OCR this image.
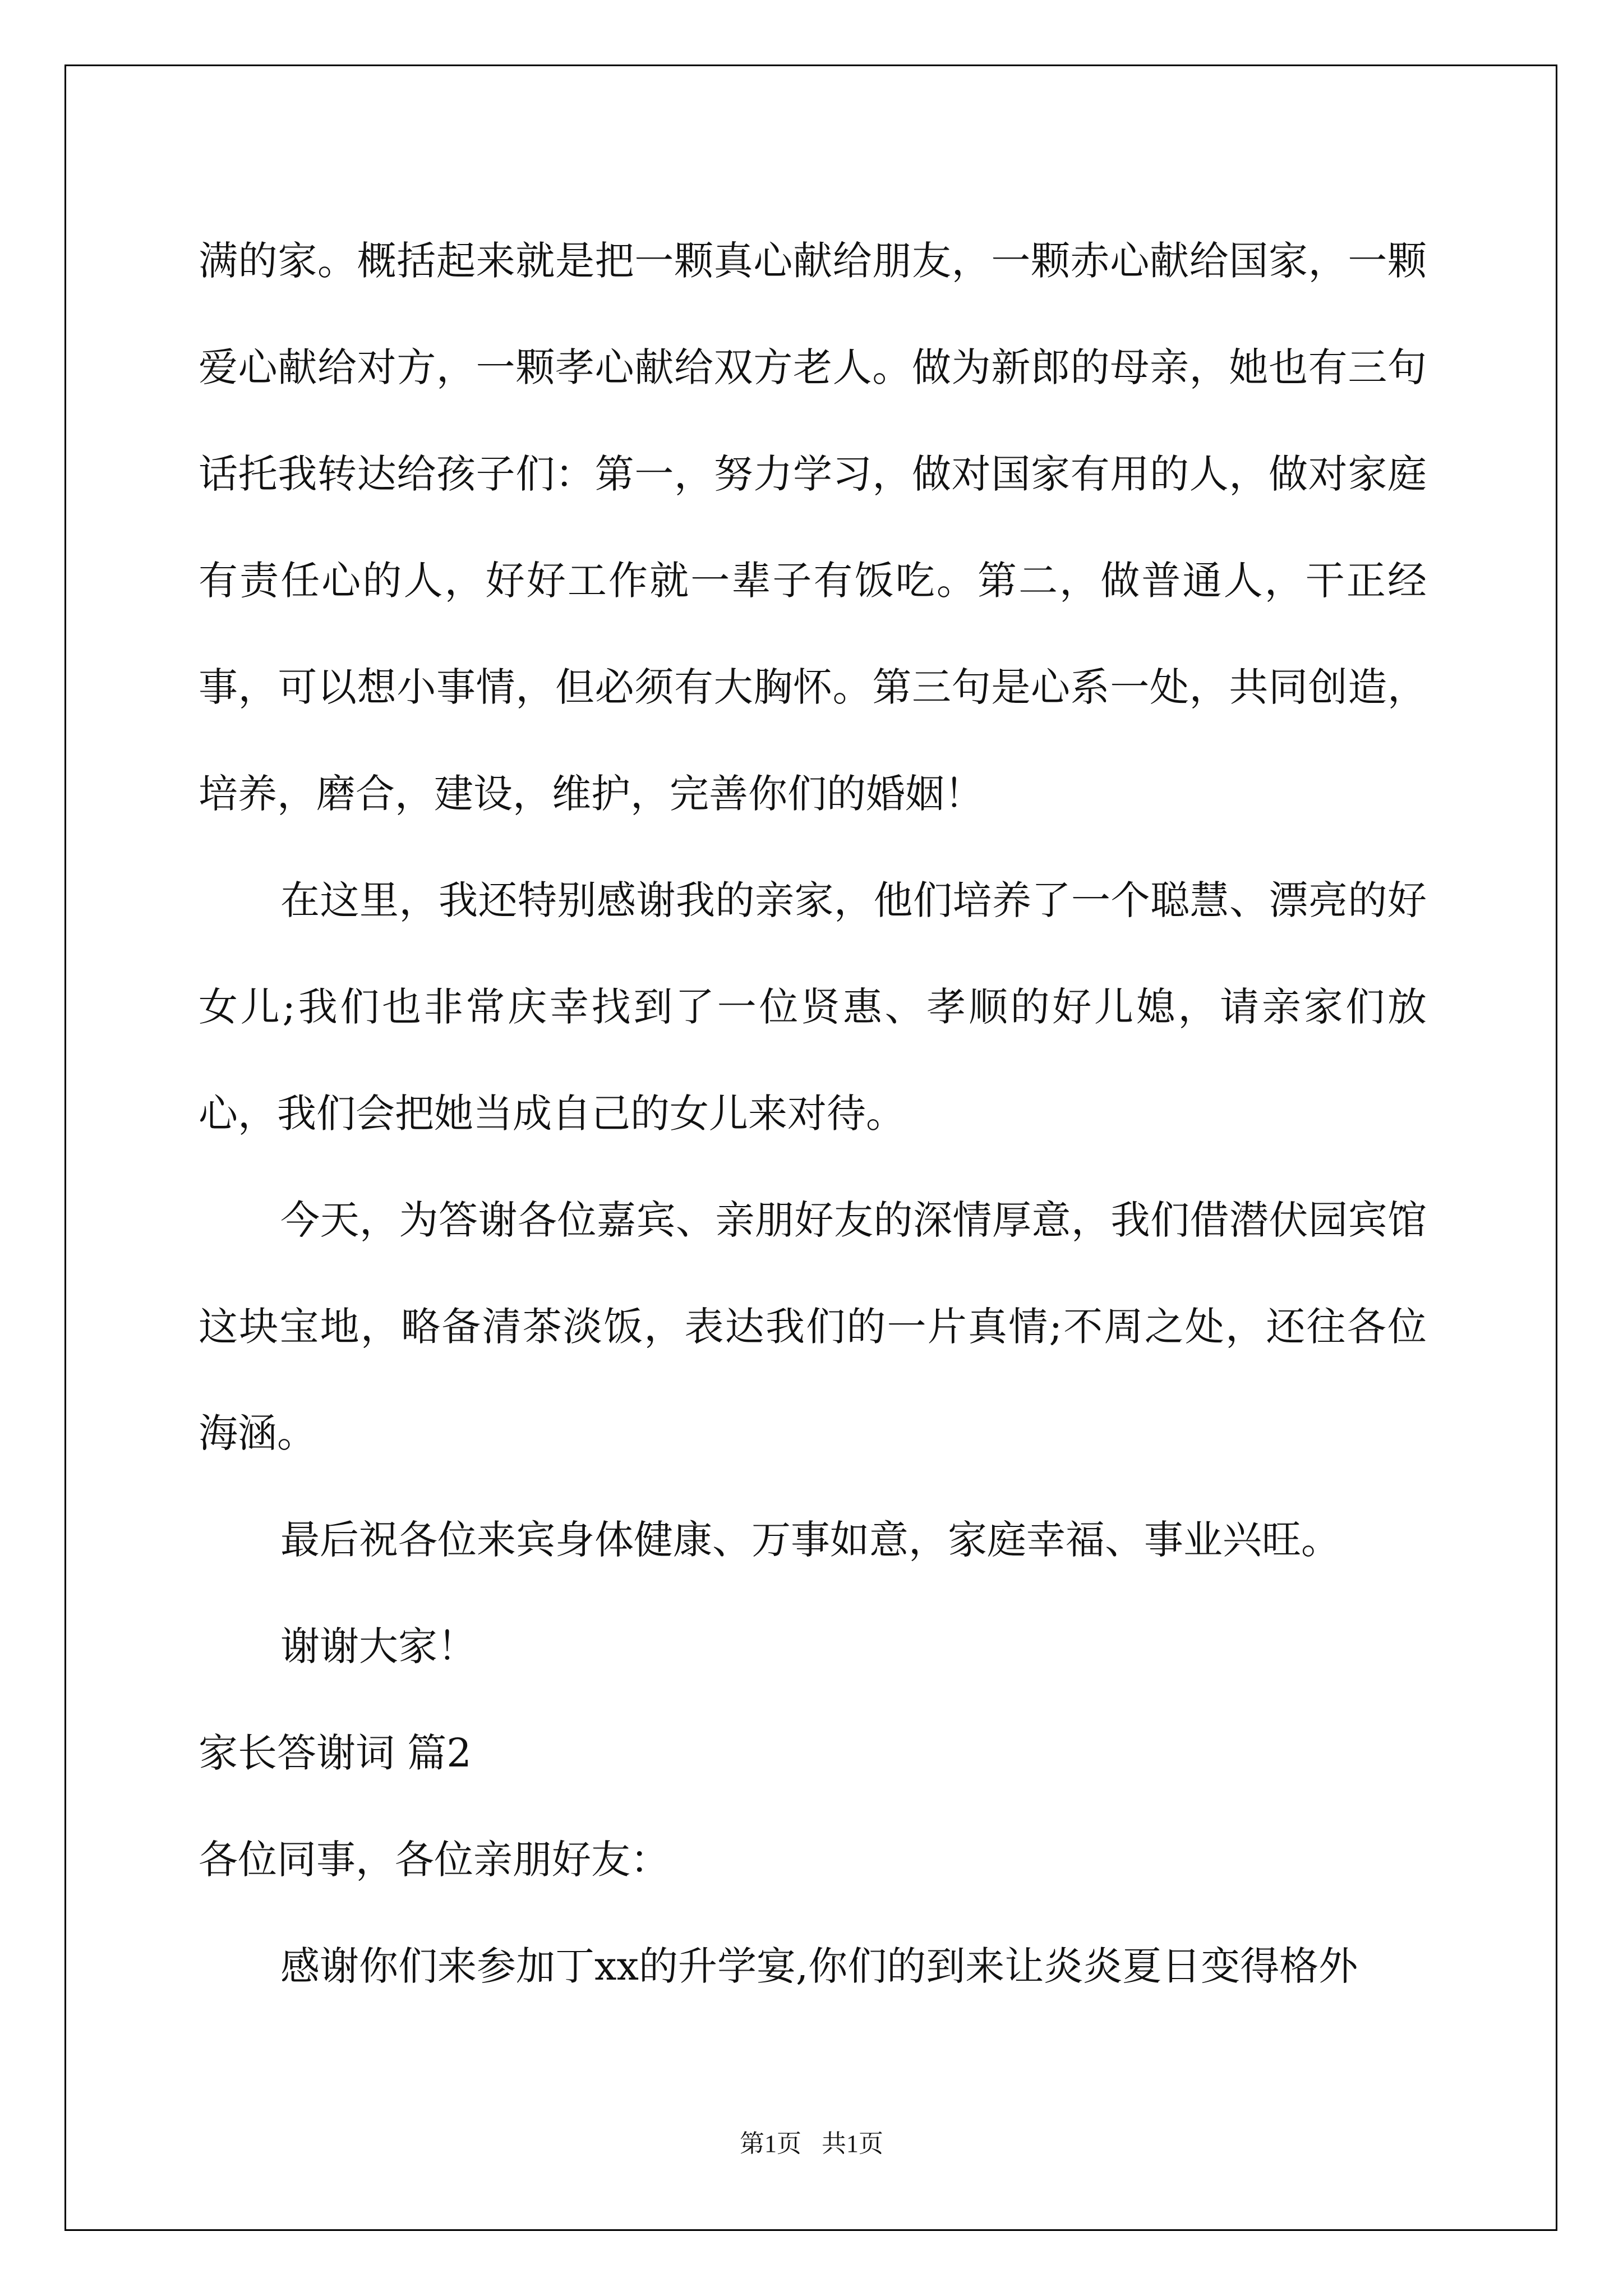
满的家。概括起来就是把一颗真心献给朋友，一颗赤心献给国家，一颗爱心献给对方，一颗孝心献给双方老人。做为新郎的母亲，她也有三句话托我转达给孩子们：第一，努力学习，做对国家有用的人，做对家庭有责任心的人，好好工作就一辈子有饭吃。第二，做普通人，干正经事，可以想小事情，但必须有大胸怀。第三句是心系一处，共同创造，培养，磨合，建设，维护，完善你们的婚姻！

在这里，我还特别感谢我的亲家，他们培养了一个聪慧、漂亮的好女儿;我们也非常庆幸找到了一位贤惠、孝顺的好儿媳，请亲家们放心，我们会把她当成自己的女儿来对待。

今天，为答谢各位嘉宾、亲朋好友的深情厚意，我们借潜伏园宾馆这块宝地，略备清茶淡饭，表达我们的一片真情;不周之处，还往各位海涵。

最后祝各位来宾身体健康、万事如意，家庭幸福、事业兴旺。

谢谢大家！

家长答谢词 篇2

各位同事，各位亲朋好友：

感谢你们来参加丁xx的升学宴,你们的到来让炎炎夏日变得格外

第1页 共1页
